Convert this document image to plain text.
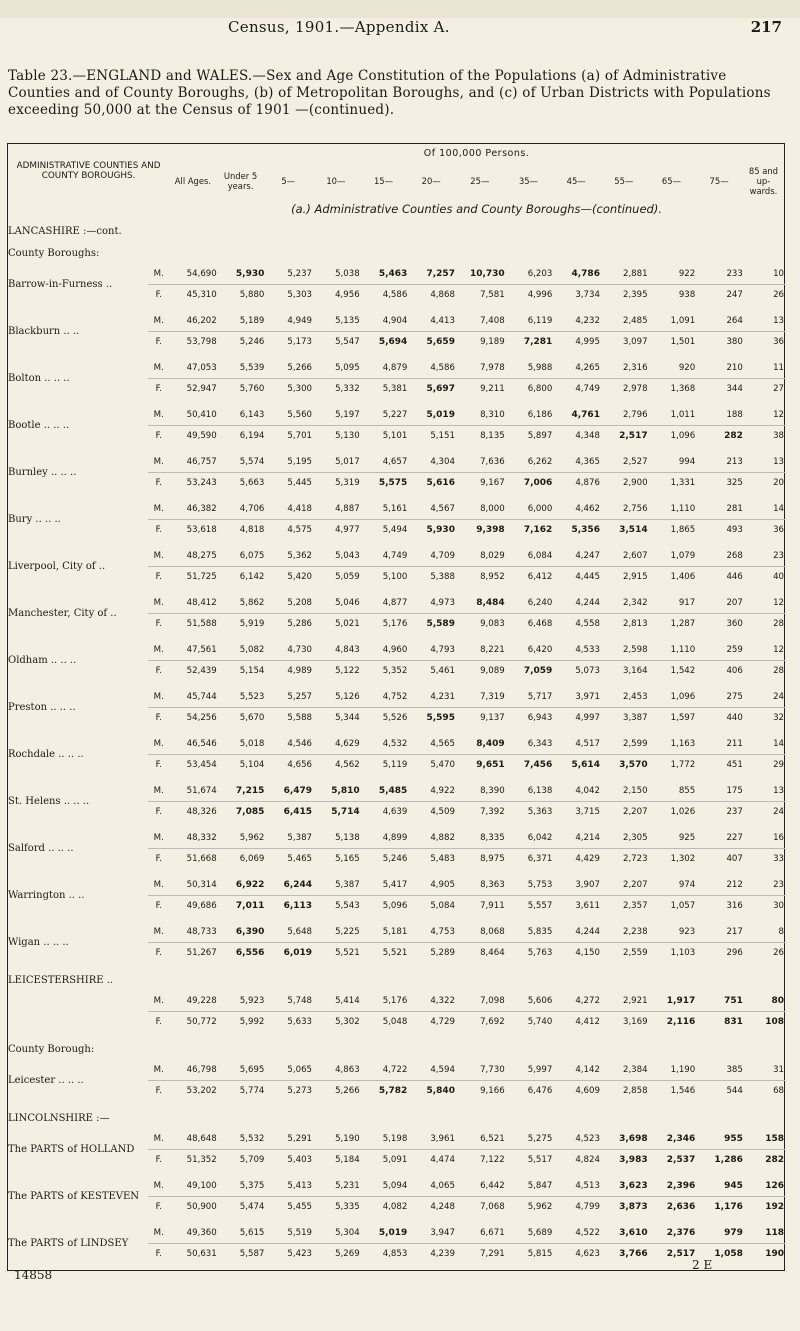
Census, 1901.—Appendix A.	217
Table 23.—ENGLAND and WALES.—Sex and Age Constitution of the Populations (a) of Administrative Counties and of County Boroughs, (b) of Metropolitan Boroughs, and (c) of Urban Districts with Populations exceeding 50,000 at the Census of 1901 —(continued).
ADMINISTRATIVE COUNTIES AND COUNTY BOROUGHS.		Of 100,000 Persons.												
		All Ages.	Under 5 years.	5—	10—	15—	20—	25—	35—	45—	55—	65—	75—	85 and up-wards.
		(a.) Administrative Counties and County Boroughs—(continued).												
LANCASHIRE :—cont.														
County Boroughs:														
Barrow-in-Furness ..	M.	54,690	5,930	5,237	5,038	5,463	7,257	10,730	6,203	4,786	2,881	922	233	10
	F.	45,310	5,880	5,303	4,956	4,586	4,868	7,581	4,996	3,734	2,395	938	247	26

Blackburn .. ..	M.	46,202	5,189	4,949	5,135	4,904	4,413	7,408	6,119	4,232	2,485	1,091	264	13
	F.	53,798	5,246	5,173	5,547	5,694	5,659	9,189	7,281	4,995	3,097	1,501	380	36

Bolton .. .. ..	M.	47,053	5,539	5,266	5,095	4,879	4,586	7,978	5,988	4,265	2,316	920	210	11
	F.	52,947	5,760	5,300	5,332	5,381	5,697	9,211	6,800	4,749	2,978	1,368	344	27

Bootle .. .. ..	M.	50,410	6,143	5,560	5,197	5,227	5,019	8,310	6,186	4,761	2,796	1,011	188	12
	F.	49,590	6,194	5,701	5,130	5,101	5,151	8,135	5,897	4,348	2,517	1,096	282	38

Burnley .. .. ..	M.	46,757	5,574	5,195	5,017	4,657	4,304	7,636	6,262	4,365	2,527	994	213	13
	F.	53,243	5,663	5,445	5,319	5,575	5,616	9,167	7,006	4,876	2,900	1,331	325	20

Bury .. .. ..	M.	46,382	4,706	4,418	4,887	5,161	4,567	8,000	6,000	4,462	2,756	1,110	281	14
	F.	53,618	4,818	4,575	4,977	5,494	5,930	9,398	7,162	5,356	3,514	1,865	493	36

Liverpool, City of ..	M.	48,275	6,075	5,362	5,043	4,749	4,709	8,029	6,084	4,247	2,607	1,079	268	23
	F.	51,725	6,142	5,420	5,059	5,100	5,388	8,952	6,412	4,445	2,915	1,406	446	40

Manchester, City of ..	M.	48,412	5,862	5,208	5,046	4,877	4,973	8,484	6,240	4,244	2,342	917	207	12
	F.	51,588	5,919	5,286	5,021	5,176	5,589	9,083	6,468	4,558	2,813	1,287	360	28

Oldham .. .. ..	M.	47,561	5,082	4,730	4,843	4,960	4,793	8,221	6,420	4,533	2,598	1,110	259	12
	F.	52,439	5,154	4,989	5,122	5,352	5,461	9,089	7,059	5,073	3,164	1,542	406	28

Preston .. .. ..	M.	45,744	5,523	5,257	5,126	4,752	4,231	7,319	5,717	3,971	2,453	1,096	275	24
	F.	54,256	5,670	5,588	5,344	5,526	5,595	9,137	6,943	4,997	3,387	1,597	440	32

Rochdale .. .. ..	M.	46,546	5,018	4,546	4,629	4,532	4,565	8,409	6,343	4,517	2,599	1,163	211	14
	F.	53,454	5,104	4,656	4,562	5,119	5,470	9,651	7,456	5,614	3,570	1,772	451	29

St. Helens .. .. ..	M.	51,674	7,215	6,479	5,810	5,485	4,922	8,390	6,138	4,042	2,150	855	175	13
	F.	48,326	7,085	6,415	5,714	4,639	4,509	7,392	5,363	3,715	2,207	1,026	237	24

Salford .. .. ..	M.	48,332	5,962	5,387	5,138	4,899	4,882	8,335	6,042	4,214	2,305	925	227	16
	F.	51,668	6,069	5,465	5,165	5,246	5,483	8,975	6,371	4,429	2,723	1,302	407	33

Warrington .. ..	M.	50,314	6,922	6,244	5,387	5,417	4,905	8,363	5,753	3,907	2,207	974	212	23
	F.	49,686	7,011	6,113	5,543	5,096	5,084	7,911	5,557	3,611	2,357	1,057	316	30

Wigan .. .. ..	M.	48,733	6,390	5,648	5,225	5,181	4,753	8,068	5,835	4,244	2,238	923	217	8
	F.	51,267	6,556	6,019	5,521	5,521	5,289	8,464	5,763	4,150	2,559	1,103	296	26

LEICESTERSHIRE ..														
	M.	49,228	5,923	5,748	5,414	5,176	4,322	7,098	5,606	4,272	2,921	1,917	751	80
	F.	50,772	5,992	5,633	5,302	5,048	4,729	7,692	5,740	4,412	3,169	2,116	831	108

County Borough:														
Leicester .. .. ..	M.	46,798	5,695	5,065	4,863	4,722	4,594	7,730	5,997	4,142	2,384	1,190	385	31
	F.	53,202	5,774	5,273	5,266	5,782	5,840	9,166	6,476	4,609	2,858	1,546	544	68

LINCOLNSHIRE :—														
The PARTS of HOLLAND	M.	48,648	5,532	5,291	5,190	5,198	3,961	6,521	5,275	4,523	3,698	2,346	955	158
	F.	51,352	5,709	5,403	5,184	5,091	4,474	7,122	5,517	4,824	3,983	2,537	1,286	282

The PARTS of KESTEVEN	M.	49,100	5,375	5,413	5,231	5,094	4,065	6,442	5,847	4,513	3,623	2,396	945	126
	F.	50,900	5,474	5,455	5,335	4,082	4,248	7,068	5,962	4,799	3,873	2,636	1,176	192

The PARTS of LINDSEY	M.	49,360	5,615	5,519	5,304	5,019	3,947	6,671	5,689	4,522	3,610	2,376	979	118
	F.	50,631	5,587	5,423	5,269	4,853	4,239	7,291	5,815	4,623	3,766	2,517	1,058	190

14858
2 E
